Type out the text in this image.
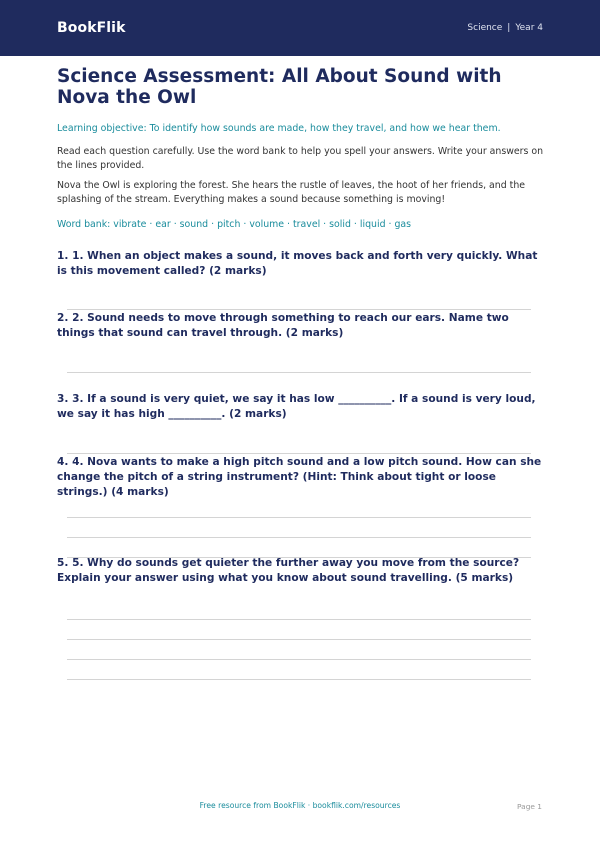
BookFlik	Science | Year 4
Science Assessment: All About Sound with Nova the Owl
Learning objective: To identify how sounds are made, how they travel, and how we hear them.
Read each question carefully. Use the word bank to help you spell your answers. Write your answers on the lines provided.
Nova the Owl is exploring the forest. She hears the rustle of leaves, the hoot of her friends, and the splashing of the stream. Everything makes a sound because something is moving!
Word bank: vibrate · ear · sound · pitch · volume · travel · solid · liquid · gas
1. 1. When an object makes a sound, it moves back and forth very quickly. What is this movement called? (2 marks)
2. 2. Sound needs to move through something to reach our ears. Name two things that sound can travel through. (2 marks)
3. 3. If a sound is very quiet, we say it has low __________. If a sound is very loud, we say it has high __________. (2 marks)
4. 4. Nova wants to make a high pitch sound and a low pitch sound. How can she change the pitch of a string instrument? (Hint: Think about tight or loose strings.) (4 marks)
5. 5. Why do sounds get quieter the further away you move from the source? Explain your answer using what you know about sound travelling. (5 marks)
Free resource from BookFlik · bookflik.com/resources	Page 1
